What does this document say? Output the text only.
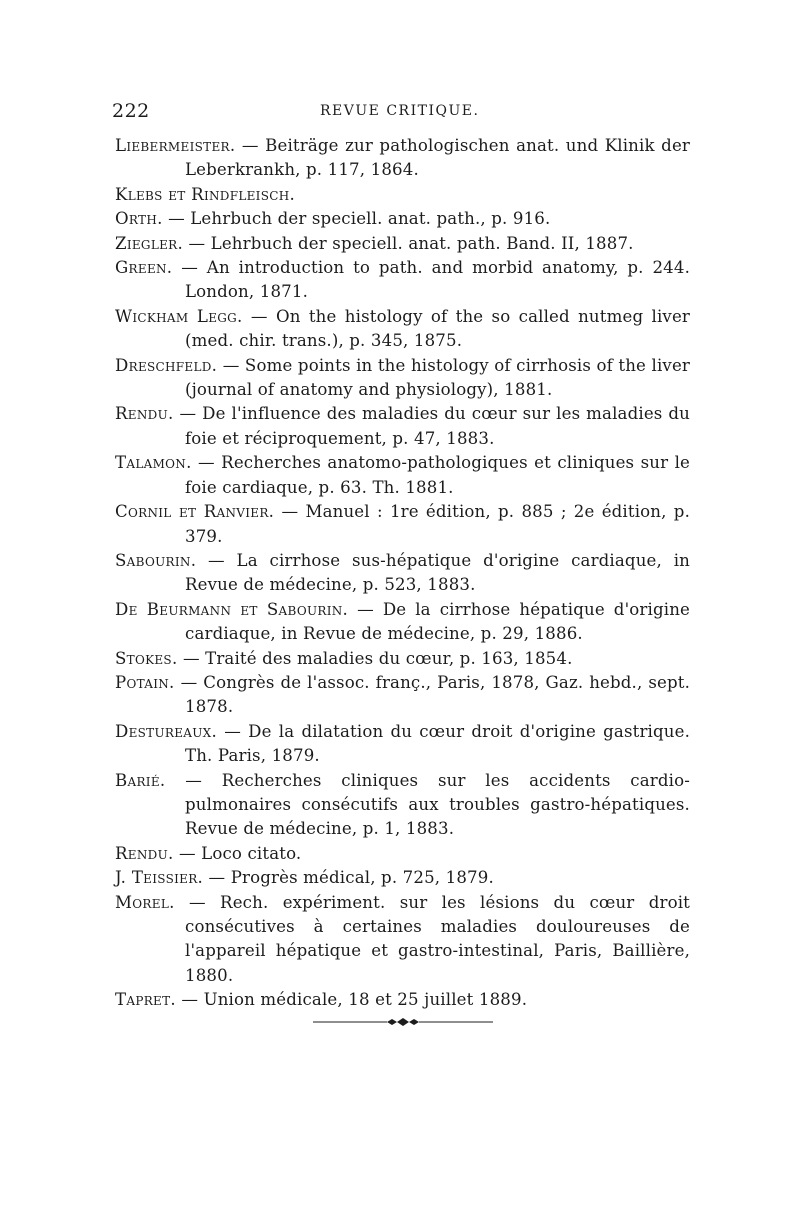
222	REVUE CRITIQUE.
Liebermeister. — Beiträge zur pathologischen anat. und Klinik der Leberkrankh, p. 117, 1864.
Klebs et Rindfleisch.
Orth. — Lehrbuch der speciell. anat. path., p. 916.
Ziegler. — Lehrbuch der speciell. anat. path. Band. II, 1887.
Green. — An introduction to path. and morbid anatomy, p. 244. London, 1871.
Wickham Legg. — On the histology of the so called nutmeg liver (med. chir. trans.), p. 345, 1875.
Dreschfeld. — Some points in the histology of cirrhosis of the liver (journal of anatomy and physiology), 1881.
Rendu. — De l'influence des maladies du cœur sur les maladies du foie et réciproquement, p. 47, 1883.
Talamon. — Recherches anatomo-pathologiques et cliniques sur le foie cardiaque, p. 63. Th. 1881.
Cornil et Ranvier. — Manuel : 1re édition, p. 885 ; 2e édition, p. 379.
Sabourin. — La cirrhose sus-hépatique d'origine cardiaque, in Revue de médecine, p. 523, 1883.
De Beurmann et Sabourin. — De la cirrhose hépatique d'origine cardiaque, in Revue de médecine, p. 29, 1886.
Stokes. — Traité des maladies du cœur, p. 163, 1854.
Potain. — Congrès de l'assoc. franç., Paris, 1878, Gaz. hebd., sept. 1878.
Destureaux. — De la dilatation du cœur droit d'origine gastrique. Th. Paris, 1879.
Barié. — Recherches cliniques sur les accidents cardio-pulmonaires consécutifs aux troubles gastro-hépatiques. Revue de médecine, p. 1, 1883.
Rendu. — Loco citato.
J. Teissier. — Progrès médical, p. 725, 1879.
Morel. — Rech. expériment. sur les lésions du cœur droit consécutives à certaines maladies douloureuses de l'appareil hépatique et gastro-intestinal, Paris, Baillière, 1880.
Tapret. — Union médicale, 18 et 25 juillet 1889.
